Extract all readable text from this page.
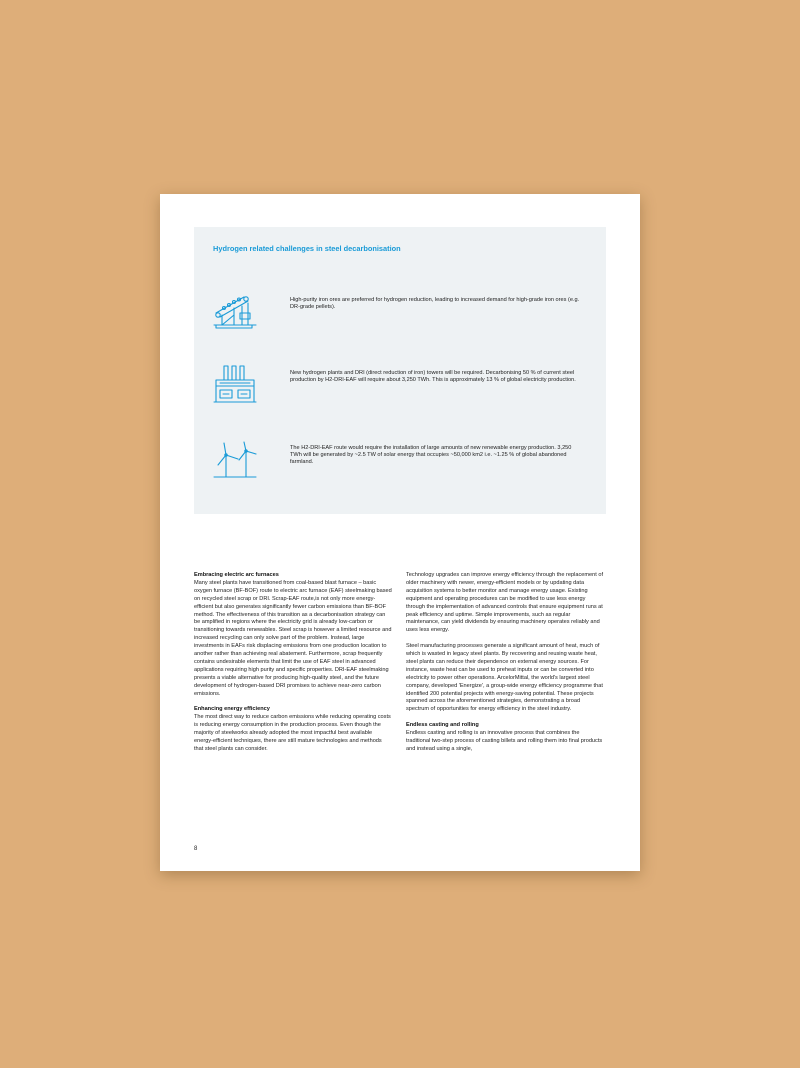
Hydrogen related challenges in steel decarbonisation
High-purity iron ores are preferred for hydrogen reduction, leading to increased demand for high-grade iron ores (e.g. DR-grade pellets).
New hydrogen plants and DRI (direct reduction of iron) towers will be required. Decarbonising 50 % of current steel production by H2-DRI-EAF will require about 3,250 TWh. This is approximately 13 % of global electricity production.
The H2-DRI-EAF route would require the installation of large amounts of new renewable energy production. 3,250 TWh will be generated by ~2.5 TW of solar energy that occupies ~50,000 km2 i.e. ~1.25 % of global abandoned farmland.
Embracing electric arc furnaces

Many steel plants have transitioned from coal-based blast furnace – basic oxygen furnace (BF-BOF) route to electric arc furnace (EAF) steelmaking based on recycled steel scrap or DRI. Scrap-EAF route,is not only more energy-efficient but also generates significantly fewer carbon emissions than BF-BOF method. The effectiveness of this transition as a decarbonisation strategy can be amplified in regions where the electricity grid is already low-carbon or transitioning towards renewables. Steel scrap is however a limited resource and increased recycling can only solve part of the problem. Instead, large investments in EAFs risk displacing emissions from one production location to another rather than achieving real abatement. Furthermore, scrap frequently contains undesirable elements that limit the use of EAF steel in advanced applications requiring high purity and specific properties. DRI-EAF steelmaking presents a viable alternative for producing high-quality steel, and the future development of hydrogen-based DRI promises to achieve near-zero carbon emissions.

Enhancing energy efficiency

The most direct way to reduce carbon emissions while reducing operating costs is reducing energy consumption in the production process. Even though the majority of steelworks already adopted the most impactful best available energy-efficient techniques, there are still mature technologies and methods that steel plants can consider.

Technology upgrades can improve energy efficiency through the replacement of older machinery with newer, energy-efficient models or by updating data acquisition systems to better monitor and manage energy usage. Existing equipment and operating procedures can be modified to use less energy through the implementation of advanced controls that ensure equipment runs at peak efficiency and uptime. Simple improvements, such as regular maintenance, can yield dividends by ensuring machinery operates reliably and uses less energy.

Steel manufacturing processes generate a significant amount of heat, much of which is wasted in legacy steel plants. By recovering and reusing waste heat, steel plants can reduce their dependence on external energy sources. For instance, waste heat can be used to preheat inputs or can be converted into electricity to power other operations. ArcelorMittal, the world's largest steel company, developed 'Energize', a group-wide energy efficiency programme that identified 200 potential projects with energy-saving potential. These projects spanned across the aforementioned strategies, demonstrating a broad spectrum of opportunities for energy efficiency in the steel industry.

Endless casting and rolling

Endless casting and rolling is an innovative process that combines the traditional two-step process of casting billets and rolling them into final products and instead using a single,

8
